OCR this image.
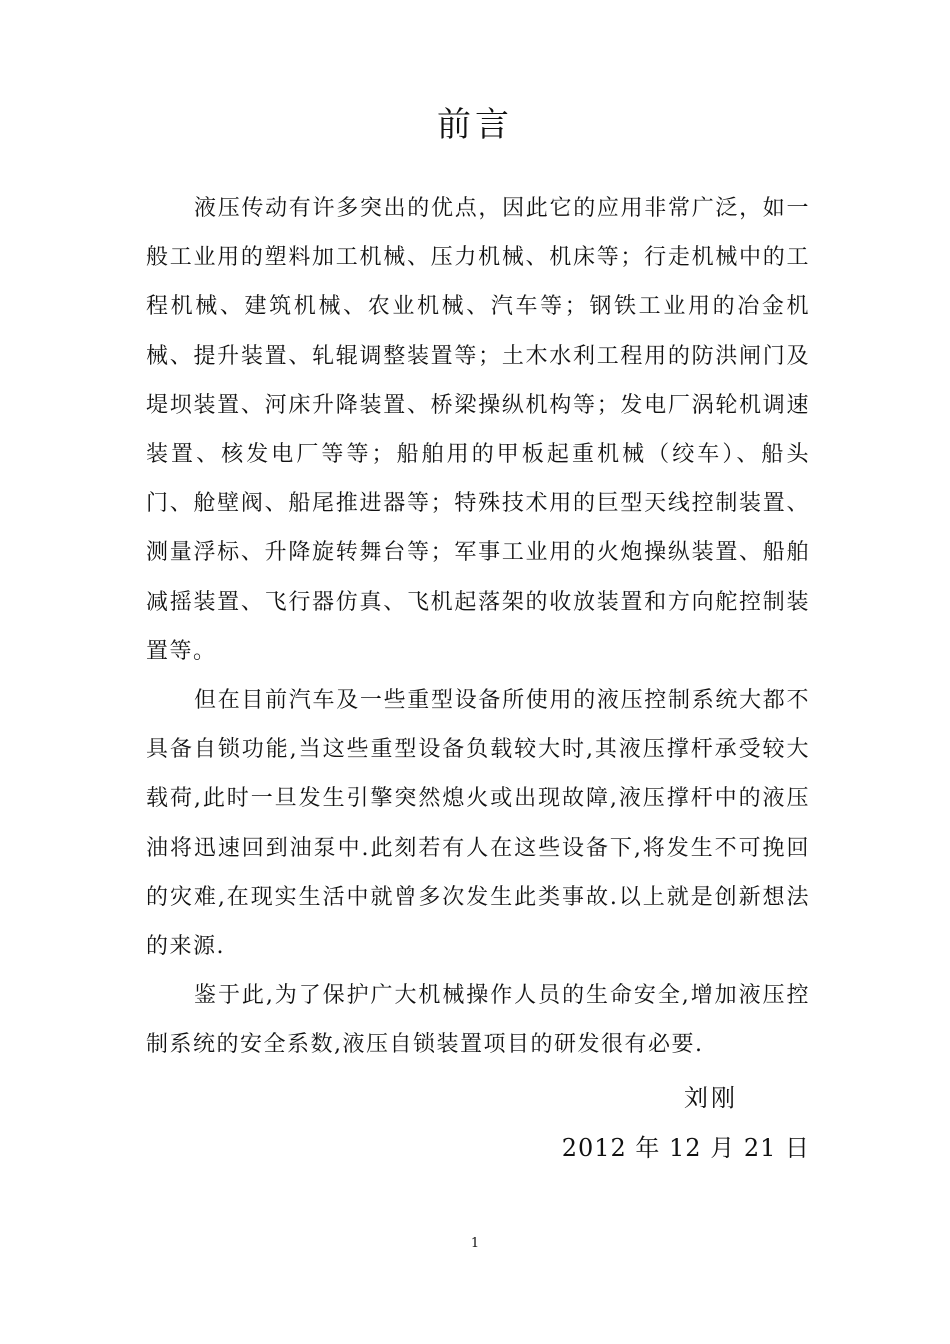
前言

液压传动有许多突出的优点，因此它的应用非常广泛，如一般工业用的塑料加工机械、压力机械、机床等；行走机械中的工程机械、建筑机械、农业机械、汽车等；钢铁工业用的冶金机械、提升装置、轧辊调整装置等；土木水利工程用的防洪闸门及堤坝装置、河床升降装置、桥梁操纵机构等；发电厂涡轮机调速装置、核发电厂等等；船舶用的甲板起重机械（绞车）、船头门、舱壁阀、船尾推进器等；特殊技术用的巨型天线控制装置、测量浮标、升降旋转舞台等；军事工业用的火炮操纵装置、船舶减摇装置、飞行器仿真、飞机起落架的收放装置和方向舵控制装置等。

但在目前汽车及一些重型设备所使用的液压控制系统大都不具备自锁功能,当这些重型设备负载较大时,其液压撑杆承受较大载荷,此时一旦发生引擎突然熄火或出现故障,液压撑杆中的液压油将迅速回到油泵中.此刻若有人在这些设备下,将发生不可挽回的灾难,在现实生活中就曾多次发生此类事故.以上就是创新想法的来源.

鉴于此,为了保护广大机械操作人员的生命安全,增加液压控制系统的安全系数,液压自锁装置项目的研发很有必要.

刘刚
2012 年 12 月 21 日
1
